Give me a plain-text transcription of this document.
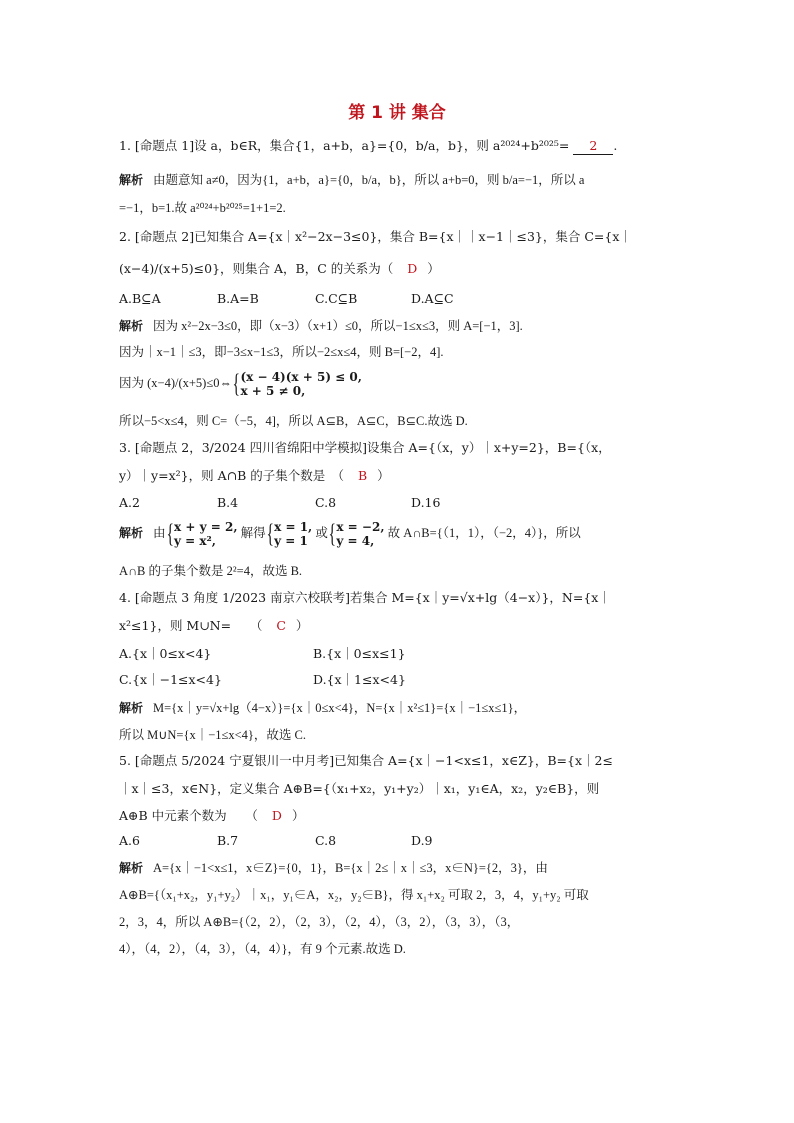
第 1 讲 集合
1. [命题点 1]设 a，b∈R，集合{1，a+b，a}={0，b/a，b}，则 a²⁰²⁴+b²⁰²⁵= 2 .
解析 由题意知 a≠0，因为{1，a+b，a}={0，b/a，b}，所以 a+b=0，则 b/a=−1，所以 a
=−1，b=1.故 a²⁰²⁴+b²⁰²⁵=1+1=2.
2. [命题点 2]已知集合 A={x｜x²−2x−3≤0}，集合 B={x｜｜x−1｜≤3}，集合 C={x｜
(x−4)/(x+5)≤0}，则集合 A，B，C 的关系为（ D ）
A.B⊆A	B.A=B	C.C⊆B	D.A⊆C
解析 因为 x²−2x−3≤0，即（x−3）（x+1）≤0，所以−1≤x≤3，则 A=[−1，3].
因为｜x−1｜≤3，即−3≤x−1≤3，所以−2≤x≤4，则 B=[−2，4].
因为 (x−4)/(x+5)≤0⇔{ (x − 4)(x + 5) ≤ 0,
x + 5 ≠ 0,
所以−5<x≤4，则 C=（−5，4]，所以 A⊆B，A⊆C，B⊆C.故选 D.
3. [命题点 2，3/2024 四川省绵阳中学模拟]设集合 A={（x，y）｜x+y=2}，B={（x，
y）｜y=x²}，则 A∩B 的子集个数是　（ B ）
A.2	B.4	C.8	D.16
解析 由{ x + y = 2,
y = x²,
解得{ x = 1,
y = 1
或{ x = −2,
y = 4,
故 A∩B={（1，1），（−2，4）}，所以
A∩B 的子集个数是 2²=4，故选 B.
4. [命题点 3 角度 1/2023 南京六校联考]若集合 M={x｜y=√x+lg（4−x）}，N={x｜
x²≤1}，则 M∪N=　　（ C ）
A.{x｜0≤x<4}	B.{x｜0≤x≤1}
C.{x｜−1≤x<4}	D.{x｜1≤x<4}
解析 M={x｜y=√x+lg（4−x）}={x｜0≤x<4}，N={x｜x²≤1}={x｜−1≤x≤1}，
所以 M∪N={x｜−1≤x<4}，故选 C.
5. [命题点 5/2024 宁夏银川一中月考]已知集合 A={x｜−1<x≤1，x∈Z}，B={x｜2≤
｜x｜≤3，x∈N}，定义集合 A⊕B={（x₁+x₂，y₁+y₂）｜x₁，y₁∈A，x₂，y₂∈B}，则
A⊕B 中元素个数为　　（ D ）
A.6	B.7	C.8	D.9
解析 A={x｜−1<x≤1，x∈Z}={0，1}，B={x｜2≤｜x｜≤3，x∈N}={2，3}，由
A⊕B={（x₁+x₂，y₁+y₂）｜x₁，y₁∈A，x₂，y₂∈B}，得 x₁+x₂ 可取 2，3，4，y₁+y₂ 可取
2，3，4，所以 A⊕B={（2，2），（2，3），（2，4），（3，2），（3，3），（3，
4），（4，2），（4，3），（4，4）}，有 9 个元素.故选 D.
